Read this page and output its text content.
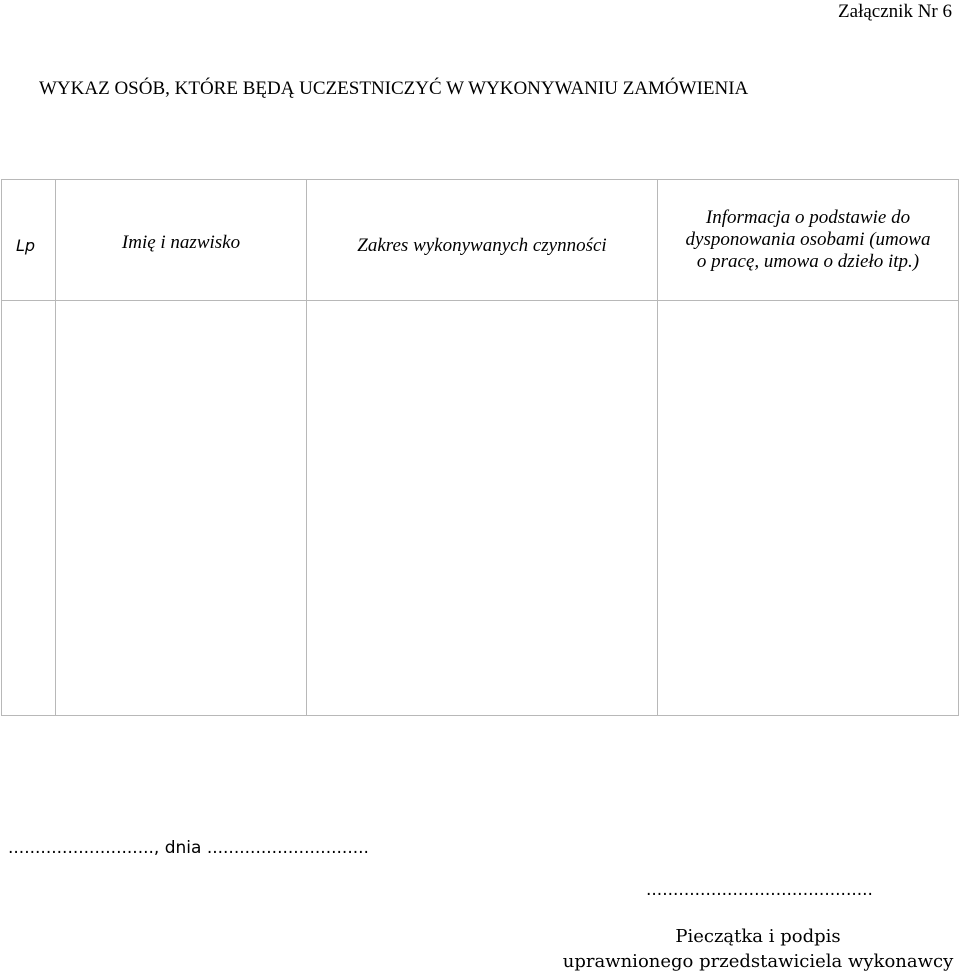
Załącznik Nr 6
WYKAZ OSÓB, KTÓRE BĘDĄ UCZESTNICZYĆ W WYKONYWANIU ZAMÓWIENIA
Lp	Imię i nazwisko	Zakres wykonywanych czynności	Informacja o podstawie do
dysponowania osobami (umowa
o pracę, umowa o dzieło itp.)

..........................., dnia ..............................
..........................................
Pieczątka i podpis
uprawnionego przedstawiciela wykonawcy
